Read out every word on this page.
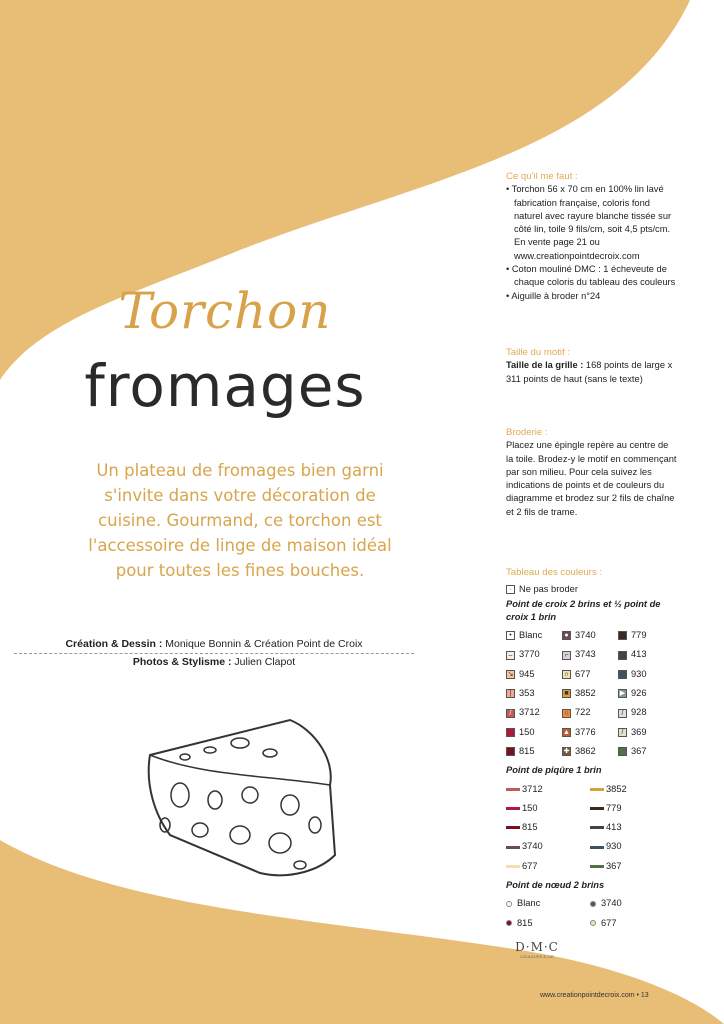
Torchon
fromages
Un plateau de fromages bien garni
s'invite dans votre décoration de
cuisine. Gourmand, ce torchon est
l'accessoire de linge de maison idéal
pour toutes les fines bouches.
Création & Dessin : Monique Bonnin & Création Point de Croix
Photos & Stylisme : Julien Clapot
Ce qu'il me faut :
• Torchon 56 x 70 cm en 100% lin lavé fabrication française, coloris fond naturel avec rayure blanche tissée sur côté lin, toile 9 fils/cm, soit 4,5 pts/cm. En vente page 21 ou www.creationpointdecroix.com
• Coton mouliné DMC : 1 écheveute de chaque coloris du tableau des couleurs
• Aiguille à broder n°24
Taille du motif :
Taille de la grille : 168 points de large x 311 points de haut (sans le texte)
Broderie :
Placez une épingle repère au centre de la toile. Brodez-y le motif en commençant par son milieu. Pour cela suivez les indications de points et de couleurs du diagramme et brodez sur 2 fils de chaîne et 2 fils de trame.
Tableau des couleurs :
· Ne pas broder
Point de croix 2 brins et ½ point de croix 1 brin
• Blanc	● 3740	779
– 3770	⌐ 3743	413
↘ 945	∩ 677	930
| 353	■ 3852	▶ 926
/ 3712	○ 722	/ 928
150	▲ 3776	/ 369
815	✚ 3862	367
Point de piqûre 1 brin
3712	3852
150	779
815	413
3740	930
677	367
Point de nœud 2 brins
Blanc	3740
815	677
D·M·C
COULEURS & CIE
www.creationpointdecroix.com • 13
